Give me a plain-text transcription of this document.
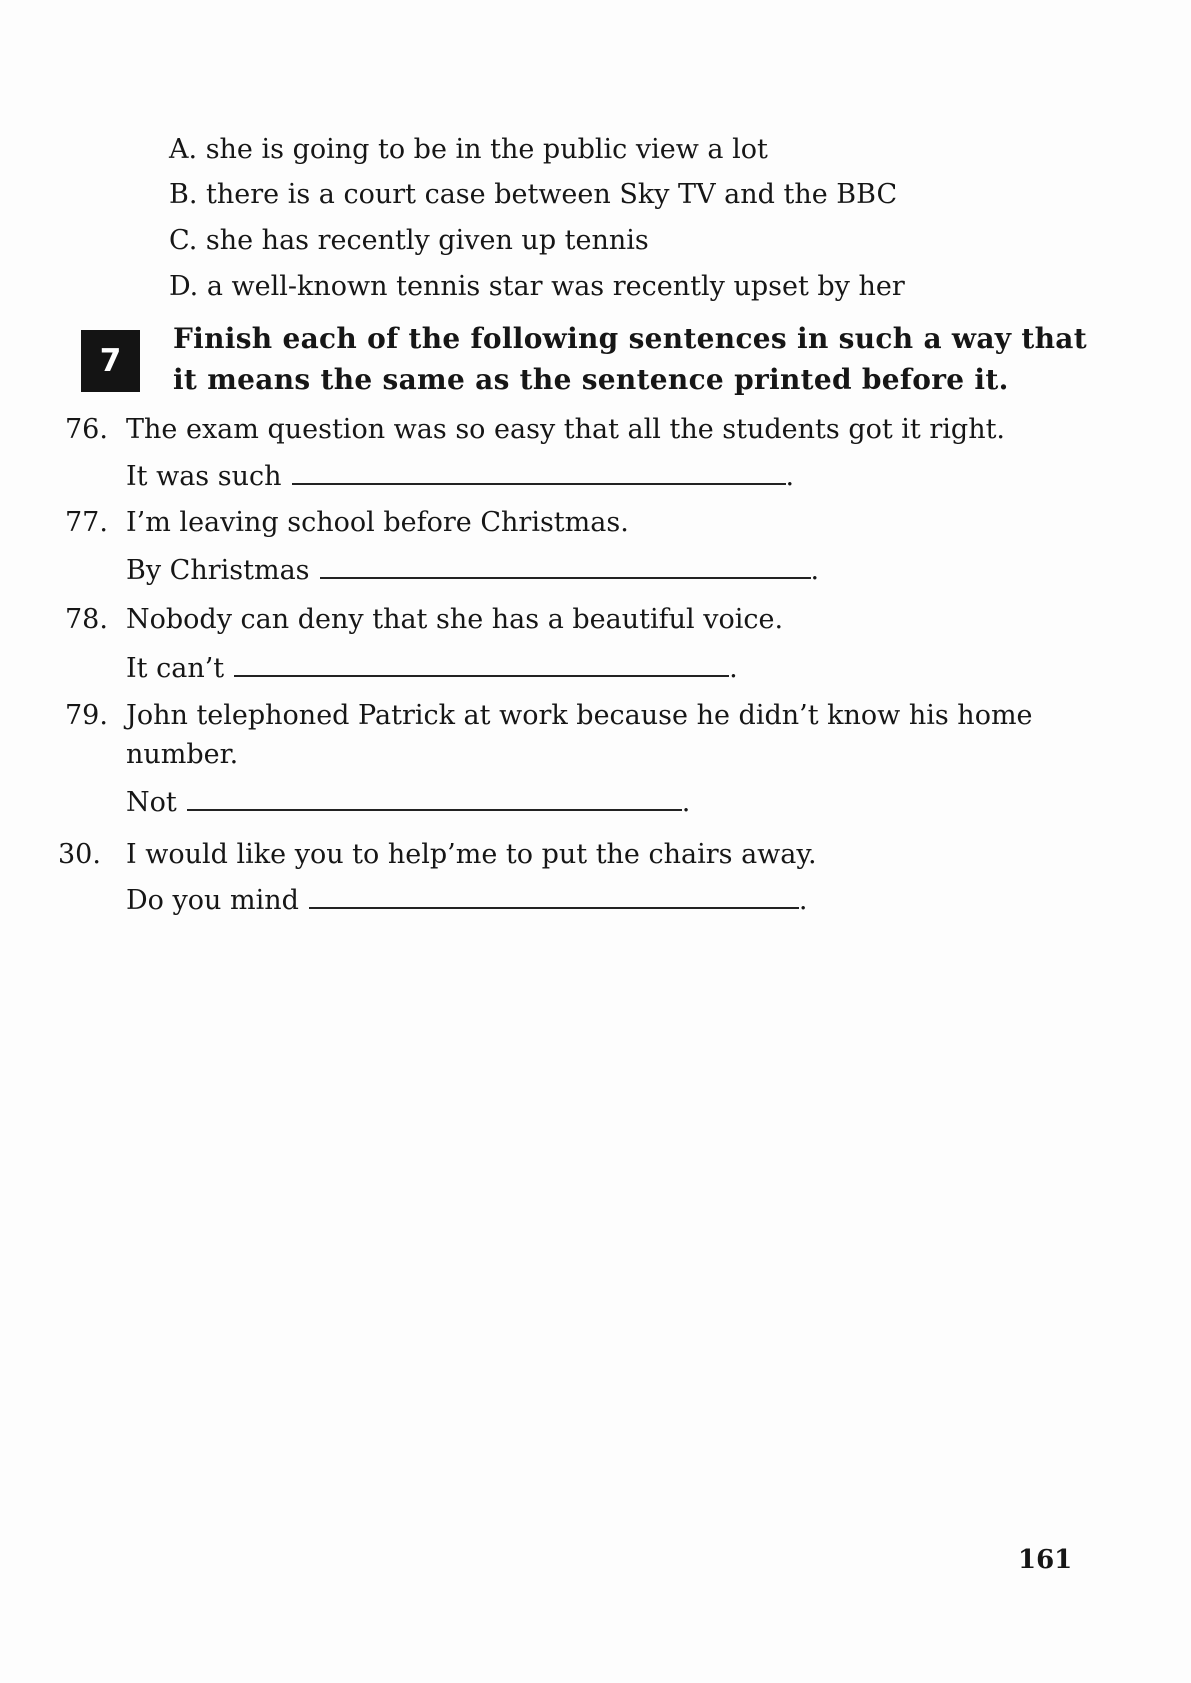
A. she is going to be in the public view a lot
B. there is a court case between Sky TV and the BBC
C. she has recently given up tennis
D. a well-known tennis star was recently upset by her
7
Finish each of the following sentences in such a way that
it means the same as the sentence printed before it.
76. The exam question was so easy that all the students got it right.
It was such	.
77. I’m leaving school before Christmas.
By Christmas	.
78. Nobody can deny that she has a beautiful voice.
It can’t	.
79. John telephoned Patrick at work because he didn’t know his home
number.
Not	.
30. I would like you to help’me to put the chairs away.
Do you mind	.
161
